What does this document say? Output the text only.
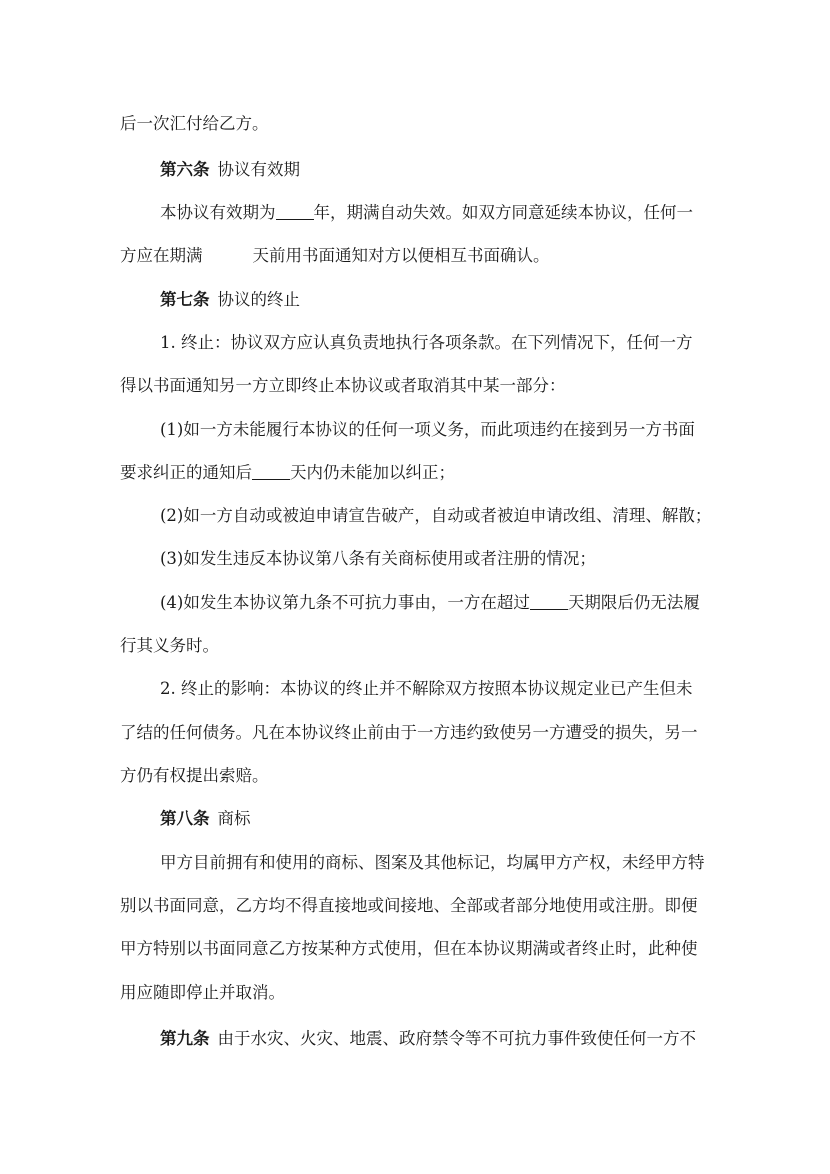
后一次汇付给乙方。

第六条 协议有效期

本协议有效期为 年，期满自动失效。如双方同意延续本协议，任何一

方应在期满	天前用书面通知对方以便相互书面确认。

第七条 协议的终止

1. 终止：协议双方应认真负责地执行各项条款。在下列情况下，任何一方

得以书面通知另一方立即终止本协议或者取消其中某一部分：

(1)如一方未能履行本协议的任何一项义务，而此项违约在接到另一方书面

要求纠正的通知后 天内仍未能加以纠正；

(2)如一方自动或被迫申请宣告破产，自动或者被迫申请改组、清理、解散；

(3)如发生违反本协议第八条有关商标使用或者注册的情况；

(4)如发生本协议第九条不可抗力事由，一方在超过 天期限后仍无法履

行其义务时。

2. 终止的影响：本协议的终止并不解除双方按照本协议规定业已产生但未

了结的任何债务。凡在本协议终止前由于一方违约致使另一方遭受的损失，另一

方仍有权提出索赔。

第八条 商标

甲方目前拥有和使用的商标、图案及其他标记，均属甲方产权，未经甲方特

别以书面同意，乙方均不得直接地或间接地、全部或者部分地使用或注册。即便

甲方特别以书面同意乙方按某种方式使用，但在本协议期满或者终止时，此种使

用应随即停止并取消。

第九条 由于水灾、火灾、地震、政府禁令等不可抗力事件致使任何一方不
